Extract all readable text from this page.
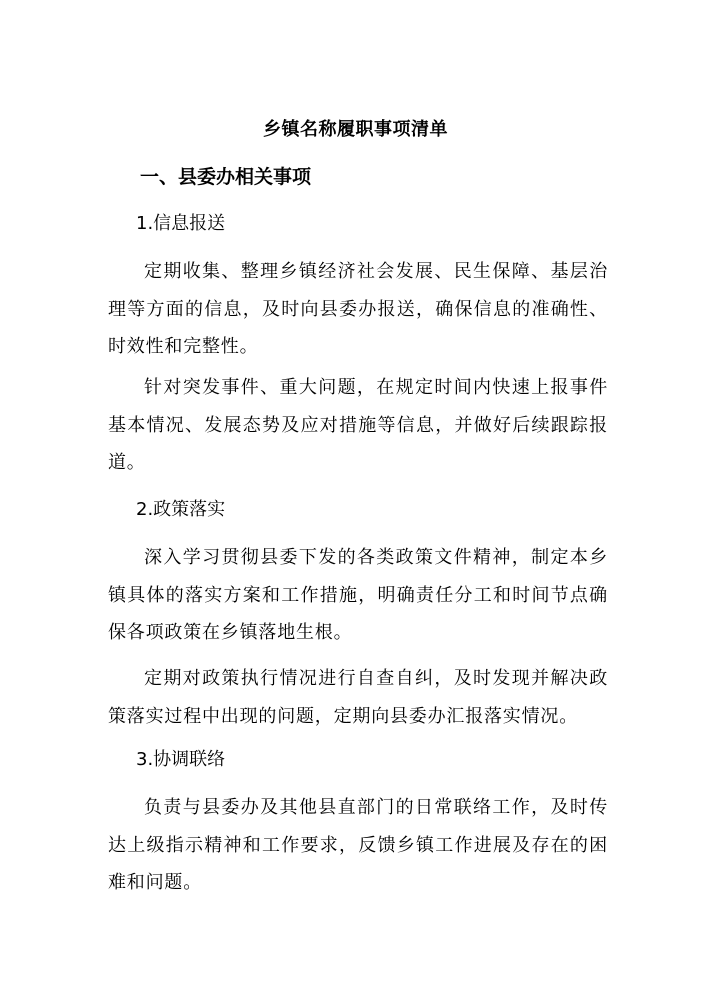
乡镇名称履职事项清单
一、县委办相关事项
1.信息报送

定期收集、整理乡镇经济社会发展、民生保障、基层治理等方面的信息，及时向县委办报送，确保信息的准确性、时效性和完整性。

针对突发事件、重大问题，在规定时间内快速上报事件基本情况、发展态势及应对措施等信息，并做好后续跟踪报道。

2.政策落实

深入学习贯彻县委下发的各类政策文件精神，制定本乡镇具体的落实方案和工作措施，明确责任分工和时间节点确保各项政策在乡镇落地生根。

定期对政策执行情况进行自查自纠，及时发现并解决政策落实过程中出现的问题，定期向县委办汇报落实情况。

3.协调联络

负责与县委办及其他县直部门的日常联络工作，及时传达上级指示精神和工作要求，反馈乡镇工作进展及存在的困难和问题。
